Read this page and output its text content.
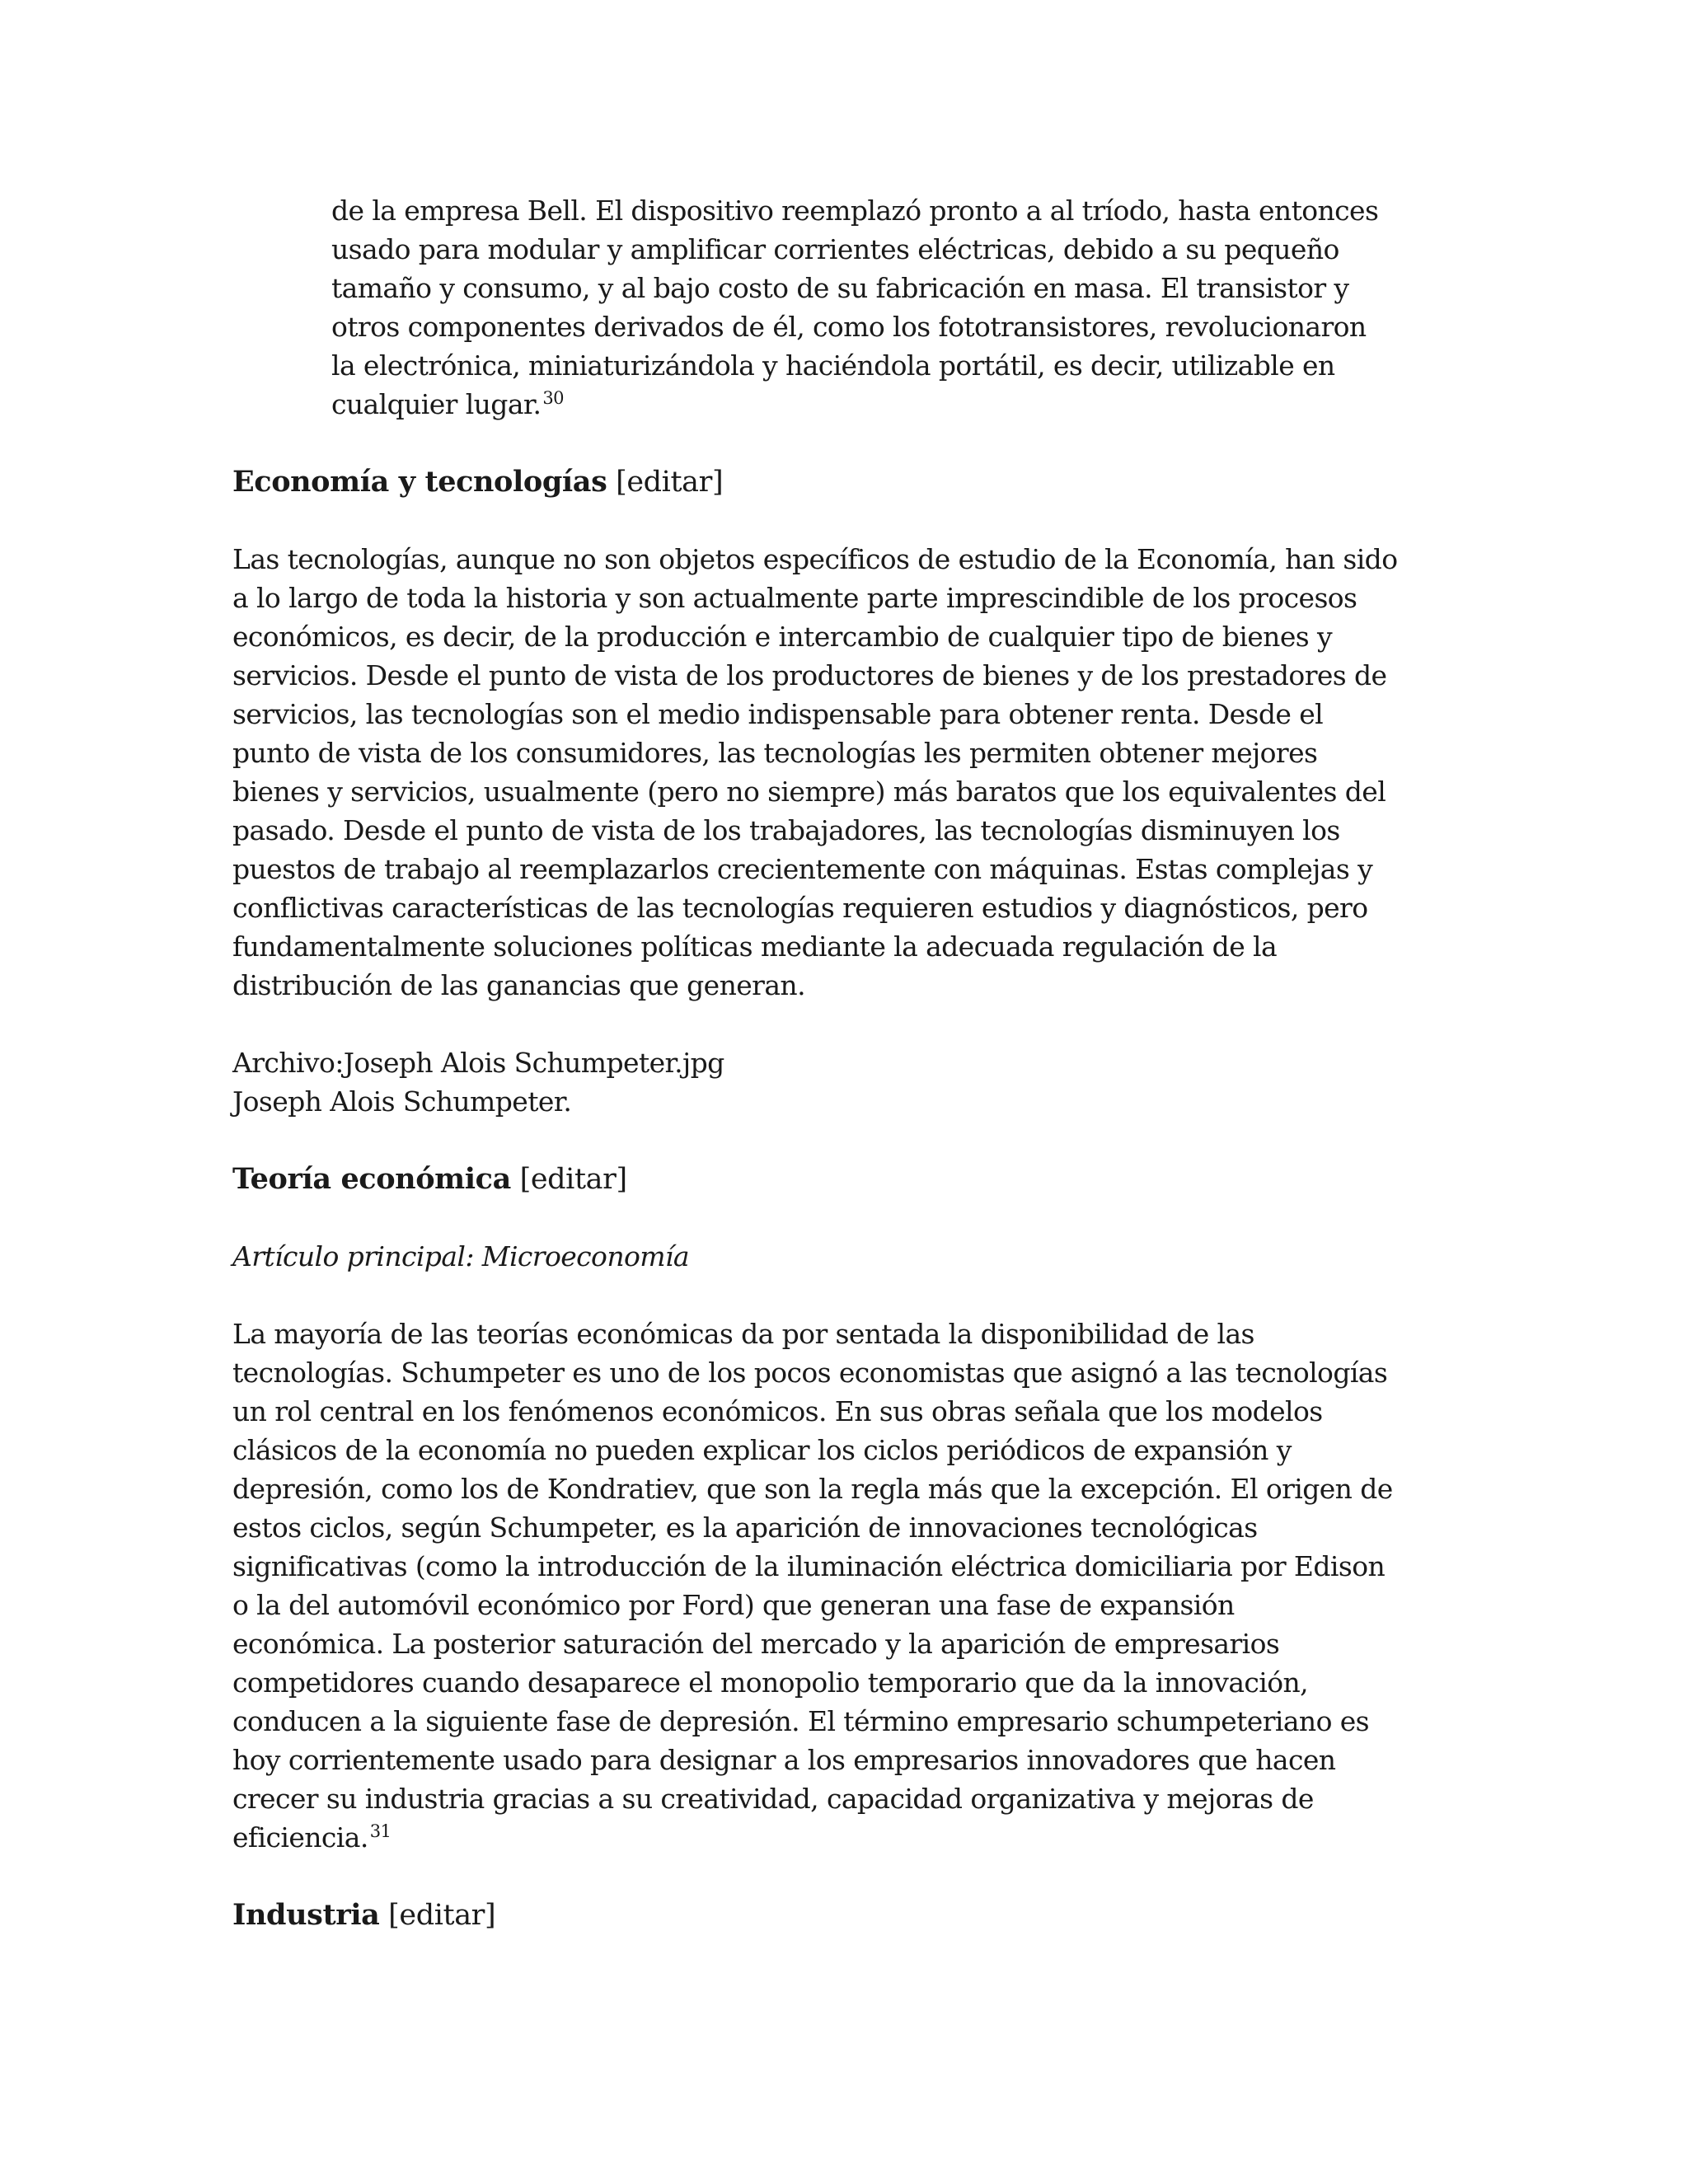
de la empresa Bell. El dispositivo reemplazó pronto a al tríodo, hasta entonces
usado para modular y amplificar corrientes eléctricas, debido a su pequeño
tamaño y consumo, y al bajo costo de su fabricación en masa. El transistor y
otros componentes derivados de él, como los fototransistores, revolucionaron
la electrónica, miniaturizándola y haciéndola portátil, es decir, utilizable en
cualquier lugar.$^{30}$
Economía y tecnologías [editar]
Las tecnologías, aunque no son objetos específicos de estudio de la Economía, han sido
a lo largo de toda la historia y son actualmente parte imprescindible de los procesos
económicos, es decir, de la producción e intercambio de cualquier tipo de bienes y
servicios. Desde el punto de vista de los productores de bienes y de los prestadores de
servicios, las tecnologías son el medio indispensable para obtener renta. Desde el
punto de vista de los consumidores, las tecnologías les permiten obtener mejores
bienes y servicios, usualmente (pero no siempre) más baratos que los equivalentes del
pasado. Desde el punto de vista de los trabajadores, las tecnologías disminuyen los
puestos de trabajo al reemplazarlos crecientemente con máquinas. Estas complejas y
conflictivas características de las tecnologías requieren estudios y diagnósticos, pero
fundamentalmente soluciones políticas mediante la adecuada regulación de la
distribución de las ganancias que generan.
Archivo:Joseph Alois Schumpeter.jpg
Joseph Alois Schumpeter.
Teoría económica [editar]
Artículo principal: Microeconomía
La mayoría de las teorías económicas da por sentada la disponibilidad de las
tecnologías. Schumpeter es uno de los pocos economistas que asignó a las tecnologías
un rol central en los fenómenos económicos. En sus obras señala que los modelos
clásicos de la economía no pueden explicar los ciclos periódicos de expansión y
depresión, como los de Kondratiev, que son la regla más que la excepción. El origen de
estos ciclos, según Schumpeter, es la aparición de innovaciones tecnológicas
significativas (como la introducción de la iluminación eléctrica domiciliaria por Edison
o la del automóvil económico por Ford) que generan una fase de expansión
económica. La posterior saturación del mercado y la aparición de empresarios
competidores cuando desaparece el monopolio temporario que da la innovación,
conducen a la siguiente fase de depresión. El término empresario schumpeteriano es
hoy corrientemente usado para designar a los empresarios innovadores que hacen
crecer su industria gracias a su creatividad, capacidad organizativa y mejoras de
eficiencia.$^{31}$
Industria [editar]
